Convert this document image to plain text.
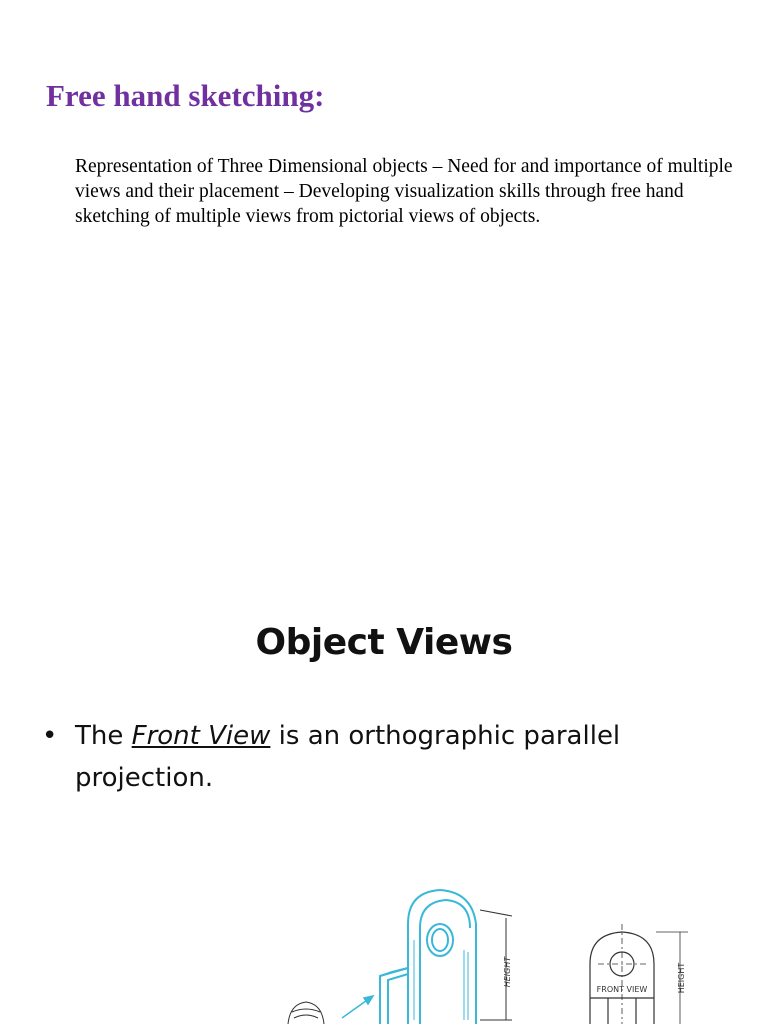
Free hand sketching:

Representation of Three Dimensional objects – Need for and importance of multiple views and their placement – Developing visualization skills through free hand sketching of multiple views from pictorial views of objects.

Object Views
• The Front View is an orthographic parallel projection.
HEIGHT
FRONT VIEW	HEIGHT
